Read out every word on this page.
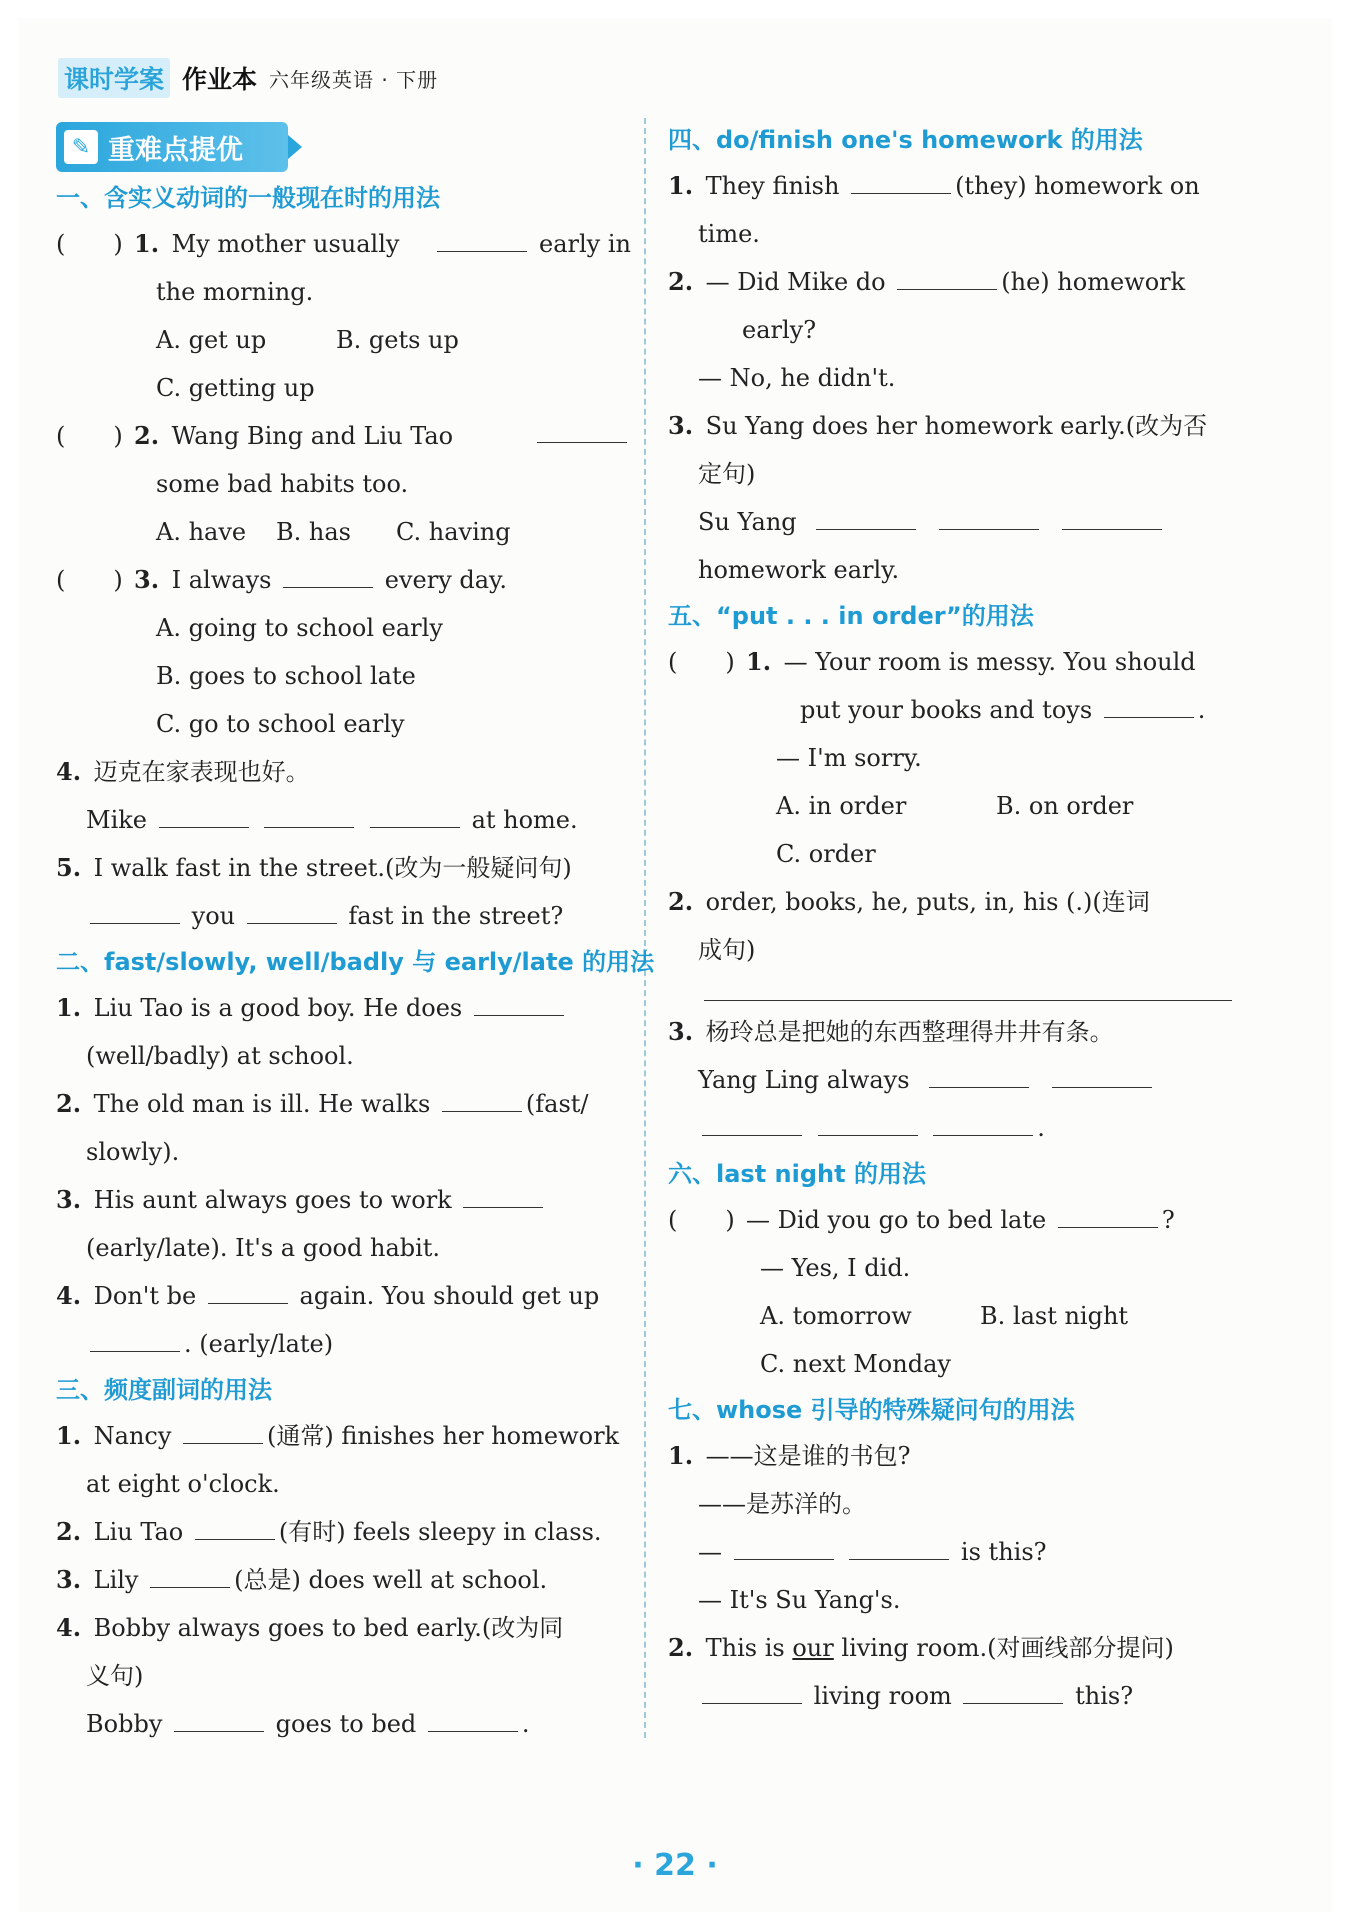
课时学案 作业本 六年级英语 · 下册
✎ 重难点提优
一、含实义动词的一般现在时的用法
(　　) 1. My mother usually	early in
the morning.
A. get up	B. gets up
C. getting up
(　　) 2. Wang Bing and Liu Tao
some bad habits too.
A. have B. has C. having
(　　) 3. I always	every day.
A. going to school early
B. goes to school late
C. go to school early
4. 迈克在家表现也好。
Mike	at home.
5. I walk fast in the street.(改为一般疑问句)
you	fast in the street?
二、fast/slowly, well/badly 与 early/late 的用法
1. Liu Tao is a good boy. He does
(well/badly) at school.
2. The old man is ill. He walks	(fast/
slowly).
3. His aunt always goes to work
(early/late). It's a good habit.
4. Don't be	again. You should get up
. (early/late)
三、频度副词的用法
1. Nancy	(通常) finishes her homework
at eight o'clock.
2. Liu Tao	(有时) feels sleepy in class.
3. Lily	(总是) does well at school.
4. Bobby always goes to bed early.(改为同
义句)
Bobby	goes to bed	.
四、do/finish one's homework 的用法
1. They finish	(they) homework on
time.
2. — Did Mike do	(he) homework
early?
— No, he didn't.
3. Su Yang does her homework early.(改为否
定句)
Su Yang
homework early.
五、“put . . . in order”的用法
(　　) 1. — Your room is messy. You should
put your books and toys	.
— I'm sorry.
A. in order	B. on order
C. order
2. order, books, he, puts, in, his (.)(连词
成句)
3. 杨玲总是把她的东西整理得井井有条。
Yang Ling always
.
六、last night 的用法
(　　) — Did you go to bed late	?
— Yes, I did.
A. tomorrow	B. last night
C. next Monday
七、whose 引导的特殊疑问句的用法
1. ——这是谁的书包?
——是苏洋的。
—	is this?
— It's Su Yang's.
2. This is our living room.(对画线部分提问)
living room	this?
· 22 ·
